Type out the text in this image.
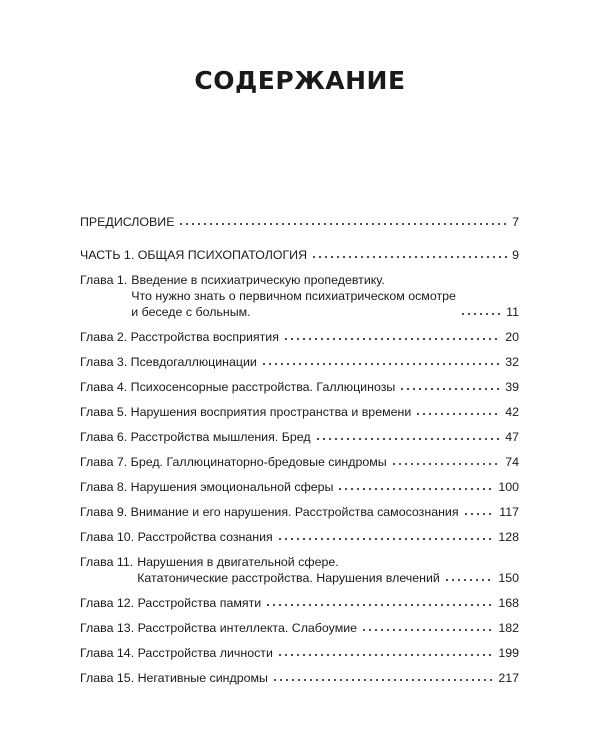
СОДЕРЖАНИЕ
ПРЕДИСЛОВИЕ	7
ЧАСТЬ 1. ОБЩАЯ ПСИХОПАТОЛОГИЯ	9
Глава 1. Введение в психиатрическую пропедевтику.
Что нужно знать о первичном психиатрическом осмотре
и беседе с больным.	11
Глава 2. Расстройства восприятия	20
Глава 3. Псевдогаллюцинации	32
Глава 4. Психосенсорные расстройства. Галлюцинозы	39
Глава 5. Нарушения восприятия пространства и времени	42
Глава 6. Расстройства мышления. Бред	47
Глава 7. Бред. Галлюцинаторно-бредовые синдромы	74
Глава 8. Нарушения эмоциональной сферы	100
Глава 9. Внимание и его нарушения. Расстройства самосознания	117
Глава 10. Расстройства сознания	128
Глава 11. Нарушения в двигательной сфере.
Кататонические расстройства. Нарушения влечений	150
Глава 12. Расстройства памяти	168
Глава 13. Расстройства интеллекта. Слабоумие	182
Глава 14. Расстройства личности	199
Глава 15. Негативные синдромы	217
